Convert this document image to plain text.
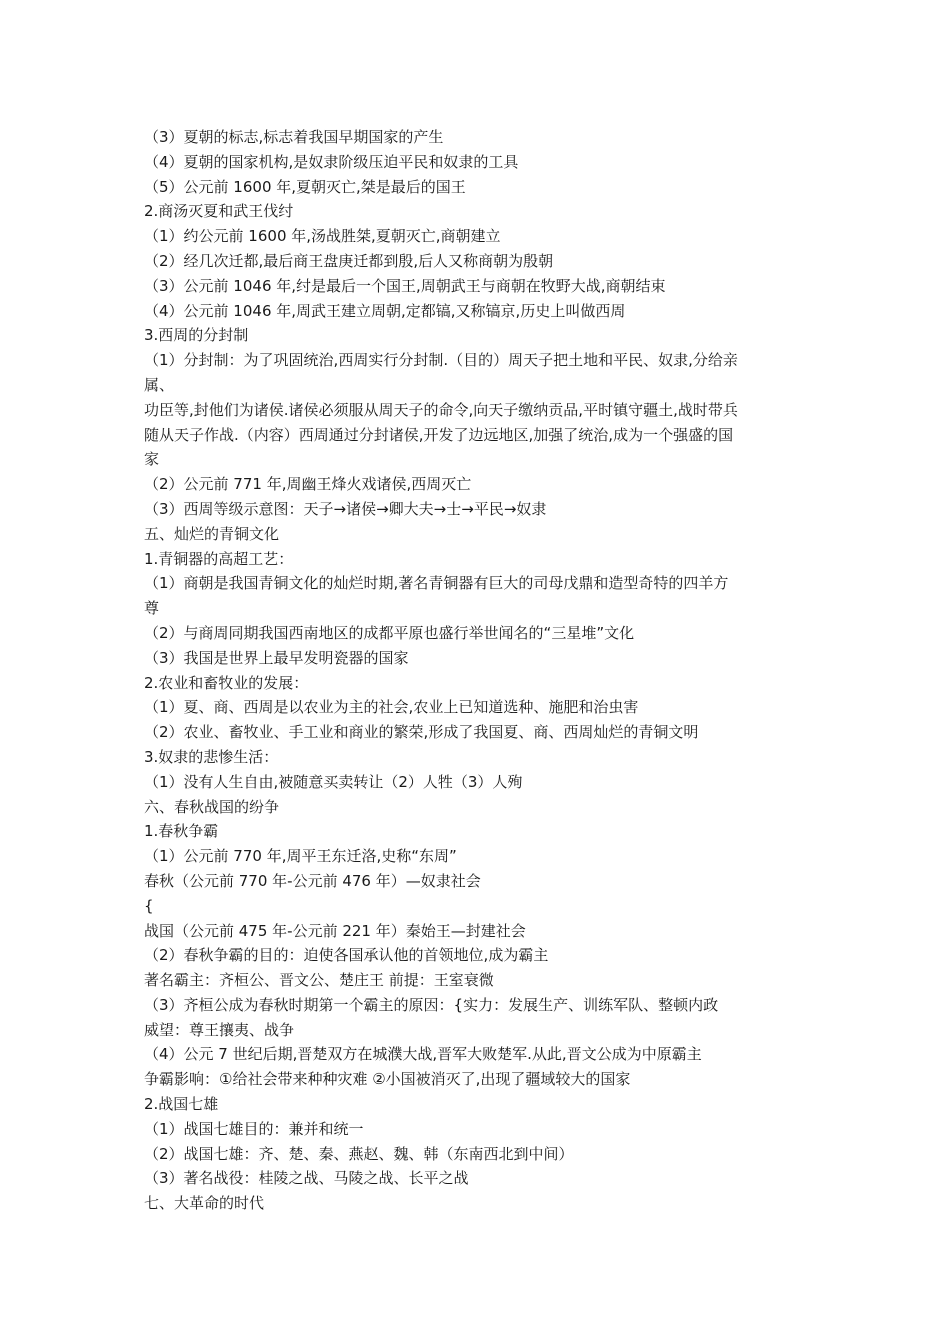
（3）夏朝的标志,标志着我国早期国家的产生

（4）夏朝的国家机构,是奴隶阶级压迫平民和奴隶的工具

（5）公元前 1600 年,夏朝灭亡,桀是最后的国王

2.商汤灭夏和武王伐纣

（1）约公元前 1600 年,汤战胜桀,夏朝灭亡,商朝建立

（2）经几次迁都,最后商王盘庚迁都到殷,后人又称商朝为殷朝

（3）公元前 1046 年,纣是最后一个国王,周朝武王与商朝在牧野大战,商朝结束

（4）公元前 1046 年,周武王建立周朝,定都镐,又称镐京,历史上叫做西周

3.西周的分封制

（1）分封制：为了巩固统治,西周实行分封制.（目的）周天子把土地和平民、奴隶,分给亲

属、

功臣等,封他们为诸侯.诸侯必须服从周天子的命令,向天子缴纳贡品,平时镇守疆土,战时带兵

随从天子作战.（内容）西周通过分封诸侯,开发了边远地区,加强了统治,成为一个强盛的国

家

（2）公元前 771 年,周幽王烽火戏诸侯,西周灭亡

（3）西周等级示意图：天子→诸侯→卿大夫→士→平民→奴隶

五、灿烂的青铜文化

1.青铜器的高超工艺：

（1）商朝是我国青铜文化的灿烂时期,著名青铜器有巨大的司母戊鼎和造型奇特的四羊方

尊

（2）与商周同期我国西南地区的成都平原也盛行举世闻名的“三星堆”文化

（3）我国是世界上最早发明瓷器的国家

2.农业和畜牧业的发展：

（1）夏、商、西周是以农业为主的社会,农业上已知道选种、施肥和治虫害

（2）农业、畜牧业、手工业和商业的繁荣,形成了我国夏、商、西周灿烂的青铜文明

3.奴隶的悲惨生活：

（1）没有人生自由,被随意买卖转让（2）人牲（3）人殉

六、春秋战国的纷争

1.春秋争霸

（1）公元前 770 年,周平王东迁洛,史称“东周”

春秋（公元前 770 年-公元前 476 年）—奴隶社会

{

战国（公元前 475 年-公元前 221 年）秦始王—封建社会

（2）春秋争霸的目的：迫使各国承认他的首领地位,成为霸主

著名霸主：齐桓公、晋文公、楚庄王 前提：王室衰微

（3）齐桓公成为春秋时期第一个霸主的原因：{实力：发展生产、训练军队、整顿内政

威望：尊王攘夷、战争

（4）公元 7 世纪后期,晋楚双方在城濮大战,晋军大败楚军.从此,晋文公成为中原霸主

争霸影响：①给社会带来种种灾难 ②小国被消灭了,出现了疆域较大的国家

2.战国七雄

（1）战国七雄目的：兼并和统一

（2）战国七雄：齐、楚、秦、燕赵、魏、韩（东南西北到中间）

（3）著名战役：桂陵之战、马陵之战、长平之战

七、大革命的时代
